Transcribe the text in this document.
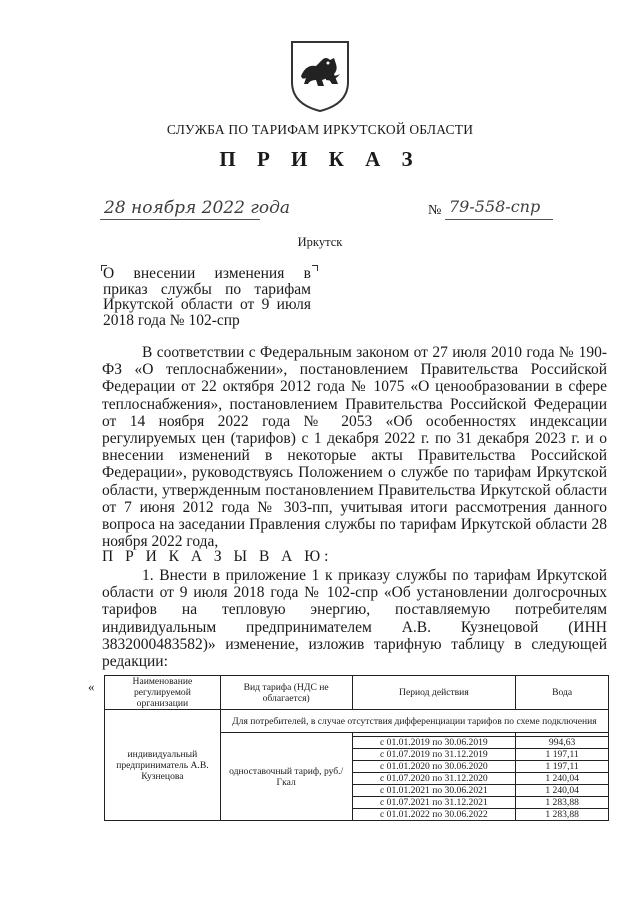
СЛУЖБА ПО ТАРИФАМ ИРКУТСКОЙ ОБЛАСТИ
П Р И К А З
28 ноября 2022 года	№ 79-558-спр
Иркутск
О внесении изменения в приказ службы по тарифам Иркутской области от 9 июля 2018 года № 102-спр
В соответствии с Федеральным законом от 27 июля 2010 года № 190-ФЗ «О теплоснабжении», постановлением Правительства Российской Федерации от 22 октября 2012 года № 1075 «О ценообразовании в сфере теплоснабжения», постановлением Правительства Российской Федерации от 14 ноября 2022 года № 2053 «Об особенностях индексации регулируемых цен (тарифов) с 1 декабря 2022 г. по 31 декабря 2023 г. и о внесении изменений в некоторые акты Правительства Российской Федерации», руководствуясь Положением о службе по тарифам Иркутской области, утвержденным постановлением Правительства Иркутской области от 7 июня 2012 года № 303-пп, учитывая итоги рассмотрения данного вопроса на заседании Правления службы по тарифам Иркутской области 28 ноября 2022 года,
П Р И К А З Ы В А Ю:
1. Внести в приложение 1 к приказу службы по тарифам Иркутской области от 9 июля 2018 года № 102-спр «Об установлении долгосрочных тарифов на тепловую энергию, поставляемую потребителям индивидуальным предпринимателем А.В. Кузнецовой (ИНН 3832000483582)» изменение, изложив тарифную таблицу в следующей редакции:
«	Наименование регулируемой организации	Вид тарифа (НДС не облагается)	Период действия	Вода
индивидуальный предприниматель А.В. Кузнецова	Для потребителей, в случае отсутствия дифференциации тарифов по схеме подключения		
	одноставочный тариф, руб./Гкал		
		с 01.01.2019 по 30.06.2019	994,63
		с 01.07.2019 по 31.12.2019	1 197,11
		с 01.01.2020 по 30.06.2020	1 197,11
		с 01.07.2020 по 31.12.2020	1 240,04
		с 01.01.2021 по 30.06.2021	1 240,04
		с 01.07.2021 по 31.12.2021	1 283,88
		с 01.01.2022 по 30.06.2022	1 283,88
